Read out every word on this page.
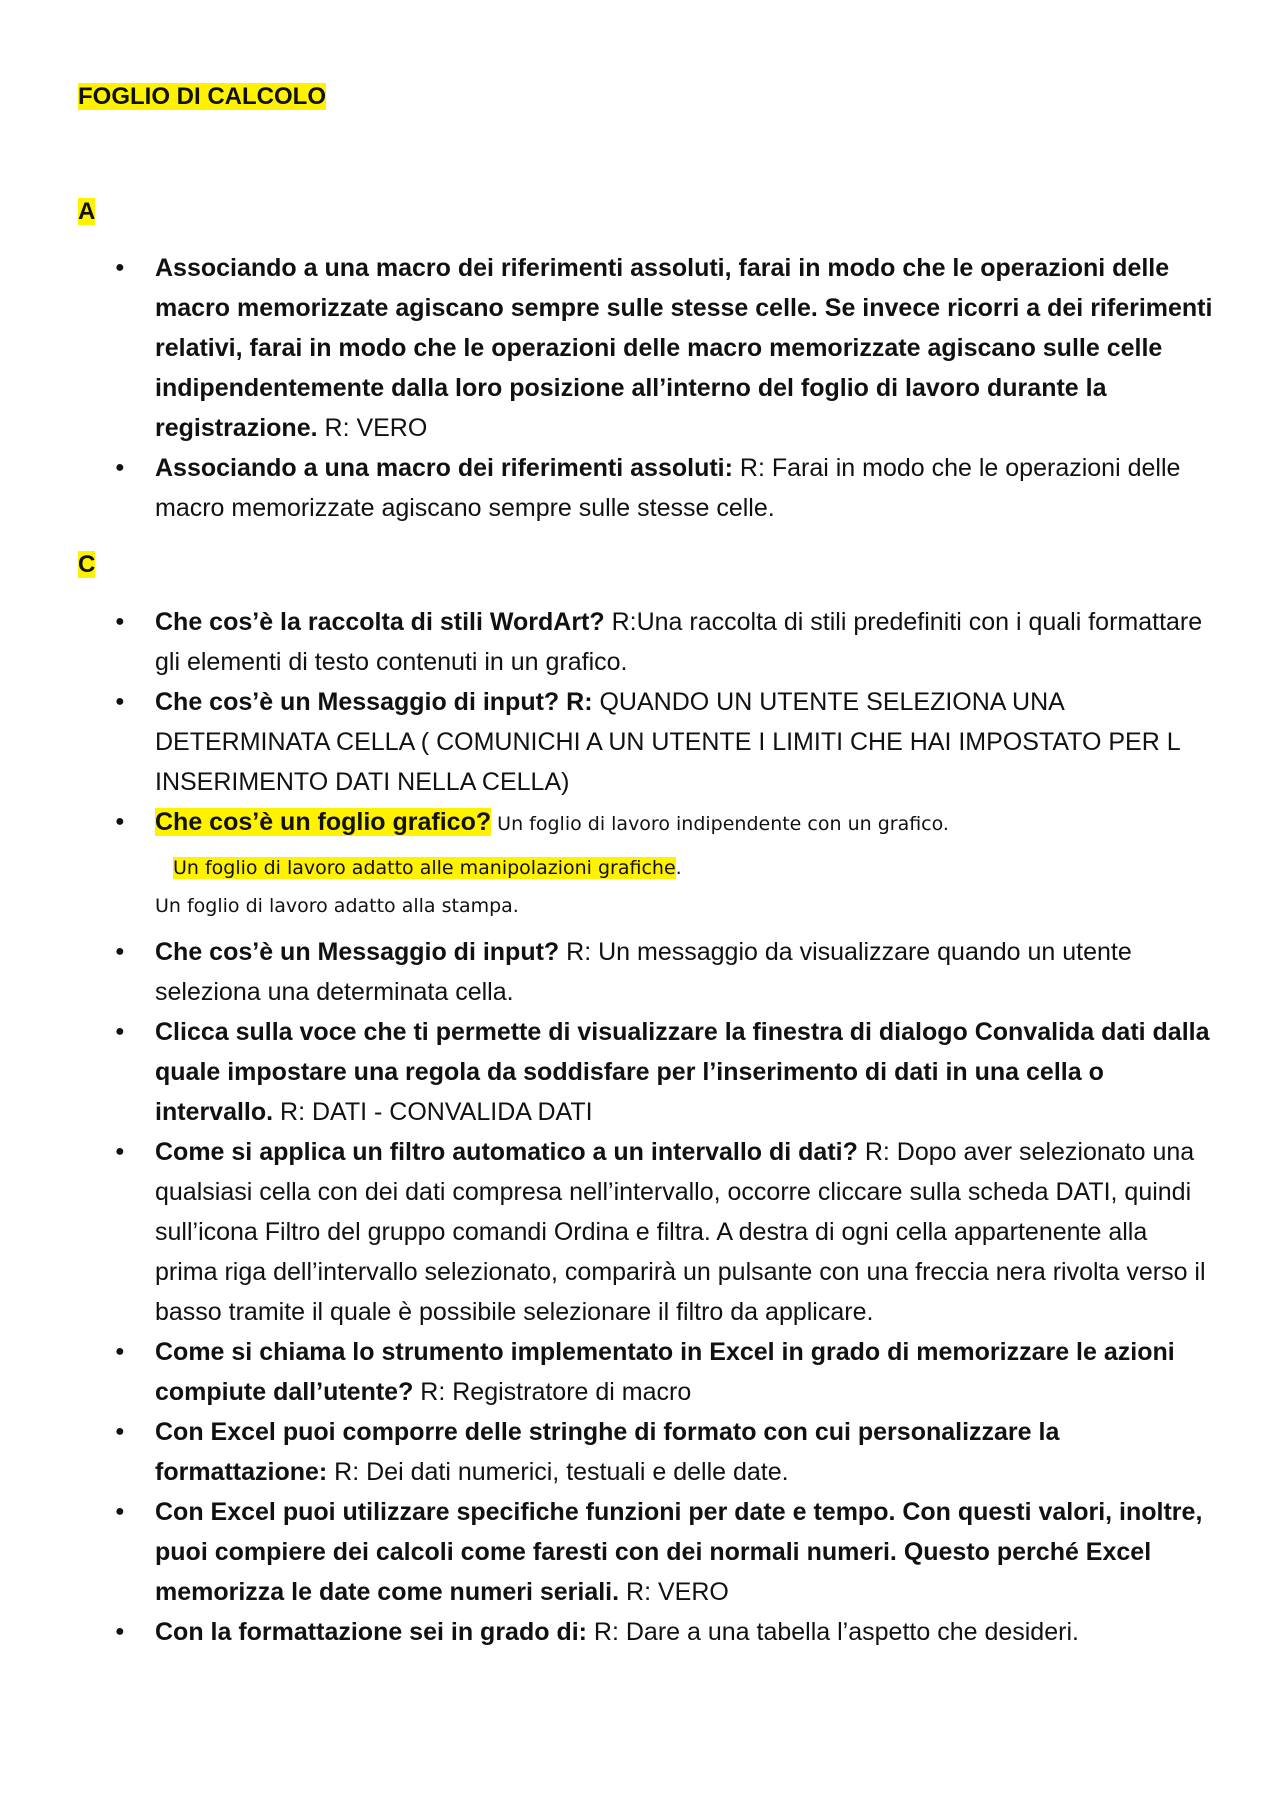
FOGLIO DI CALCOLO
A
● Associando a una macro dei riferimenti assoluti, farai in modo che le operazioni delle macro memorizzate agiscano sempre sulle stesse celle. Se invece ricorri a dei riferimenti relativi, farai in modo che le operazioni delle macro memorizzate agiscano sulle celle indipendentemente dalla loro posizione all’interno del foglio di lavoro durante la registrazione. R: VERO
● Associando a una macro dei riferimenti assoluti: R: Farai in modo che le operazioni delle macro memorizzate agiscano sempre sulle stesse celle.
C
● Che cos’è la raccolta di stili WordArt? R:Una raccolta di stili predefiniti con i quali formattare gli elementi di testo contenuti in un grafico.
● Che cos’è un Messaggio di input? R: QUANDO UN UTENTE SELEZIONA UNA DETERMINATA CELLA ( COMUNICHI A UN UTENTE I LIMITI CHE HAI IMPOSTATO PER L INSERIMENTO DATI NELLA CELLA)
● Che cos’è un foglio grafico? Un foglio di lavoro indipendente con un grafico.
Un foglio di lavoro adatto alle manipolazioni grafiche.
Un foglio di lavoro adatto alla stampa.
● Che cos’è un Messaggio di input? R: Un messaggio da visualizzare quando un utente seleziona una determinata cella.
● Clicca sulla voce che ti permette di visualizzare la finestra di dialogo Convalida dati dalla quale impostare una regola da soddisfare per l’inserimento di dati in una cella o intervallo. R: DATI - CONVALIDA DATI
● Come si applica un filtro automatico a un intervallo di dati? R: Dopo aver selezionato una qualsiasi cella con dei dati compresa nell’intervallo, occorre cliccare sulla scheda DATI, quindi sull’icona Filtro del gruppo comandi Ordina e filtra. A destra di ogni cella appartenente alla prima riga dell’intervallo selezionato, comparirà un pulsante con una freccia nera rivolta verso il basso tramite il quale è possibile selezionare il filtro da applicare.
● Come si chiama lo strumento implementato in Excel in grado di memorizzare le azioni compiute dall’utente? R: Registratore di macro
● Con Excel puoi comporre delle stringhe di formato con cui personalizzare la formattazione: R: Dei dati numerici, testuali e delle date.
● Con Excel puoi utilizzare specifiche funzioni per date e tempo. Con questi valori, inoltre, puoi compiere dei calcoli come faresti con dei normali numeri. Questo perché Excel memorizza le date come numeri seriali. R: VERO
● Con la formattazione sei in grado di: R: Dare a una tabella l’aspetto che desideri.
